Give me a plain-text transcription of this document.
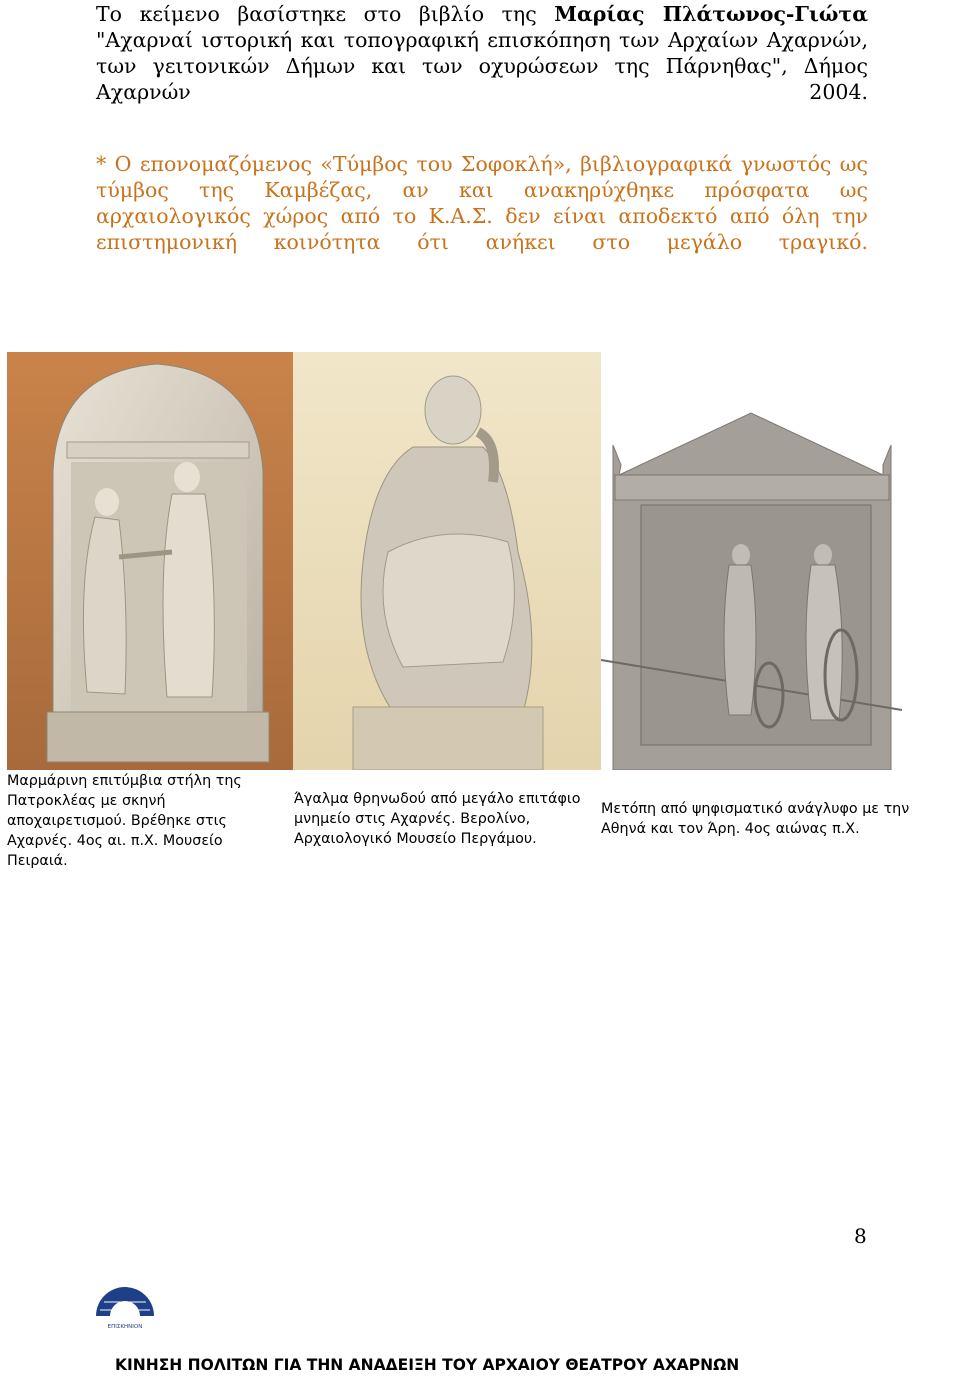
Το κείμενο βασίστηκε στο βιβλίο της Μαρίας Πλάτωνος-Γιώτα
"Αχαρναί ιστορική και τοπογραφική επισκόπηση των Αρχαίων Αχαρνών,
των γειτονικών Δήμων και των οχυρώσεων της Πάρνηθας", Δήμος
Αχαρνών 2004.
* Ο επονομαζόμενος «Τύμβος του Σοφοκλή», βιβλιογραφικά γνωστός ως
τύμβος της Καμβέζας, αν και ανακηρύχθηκε πρόσφατα ως
αρχαιολογικός χώρος από το Κ.Α.Σ. δεν είναι αποδεκτό από όλη την
επιστημονική κοινότητα ότι ανήκει στο μεγάλο τραγικό.
Μαρμάρινη επιτύμβια στήλη της
Πατροκλέας με σκηνή
αποχαιρετισμού. Βρέθηκε στις
Αχαρνές. 4ος αι. π.Χ. Μουσείο
Πειραιά.
Άγαλμα θρηνωδού από μεγάλο επιτάφιο
μνημείο στις Αχαρνές. Βερολίνο,
Αρχαιολογικό Μουσείο Περγάμου.
Μετόπη από ψηφισματικό ανάγλυφο με την
Αθηνά και τον Άρη. 4ος αιώνας π.Χ.
8
ΕΠΙΣΚΗΝΙΟΝ
ΚΙΝΗΣΗ ΠΟΛΙΤΩΝ ΓΙΑ ΤΗΝ ΑΝΑΔΕΙΞΗ ΤΟΥ ΑΡΧΑΙΟΥ ΘΕΑΤΡΟΥ ΑΧΑΡΝΩΝ
